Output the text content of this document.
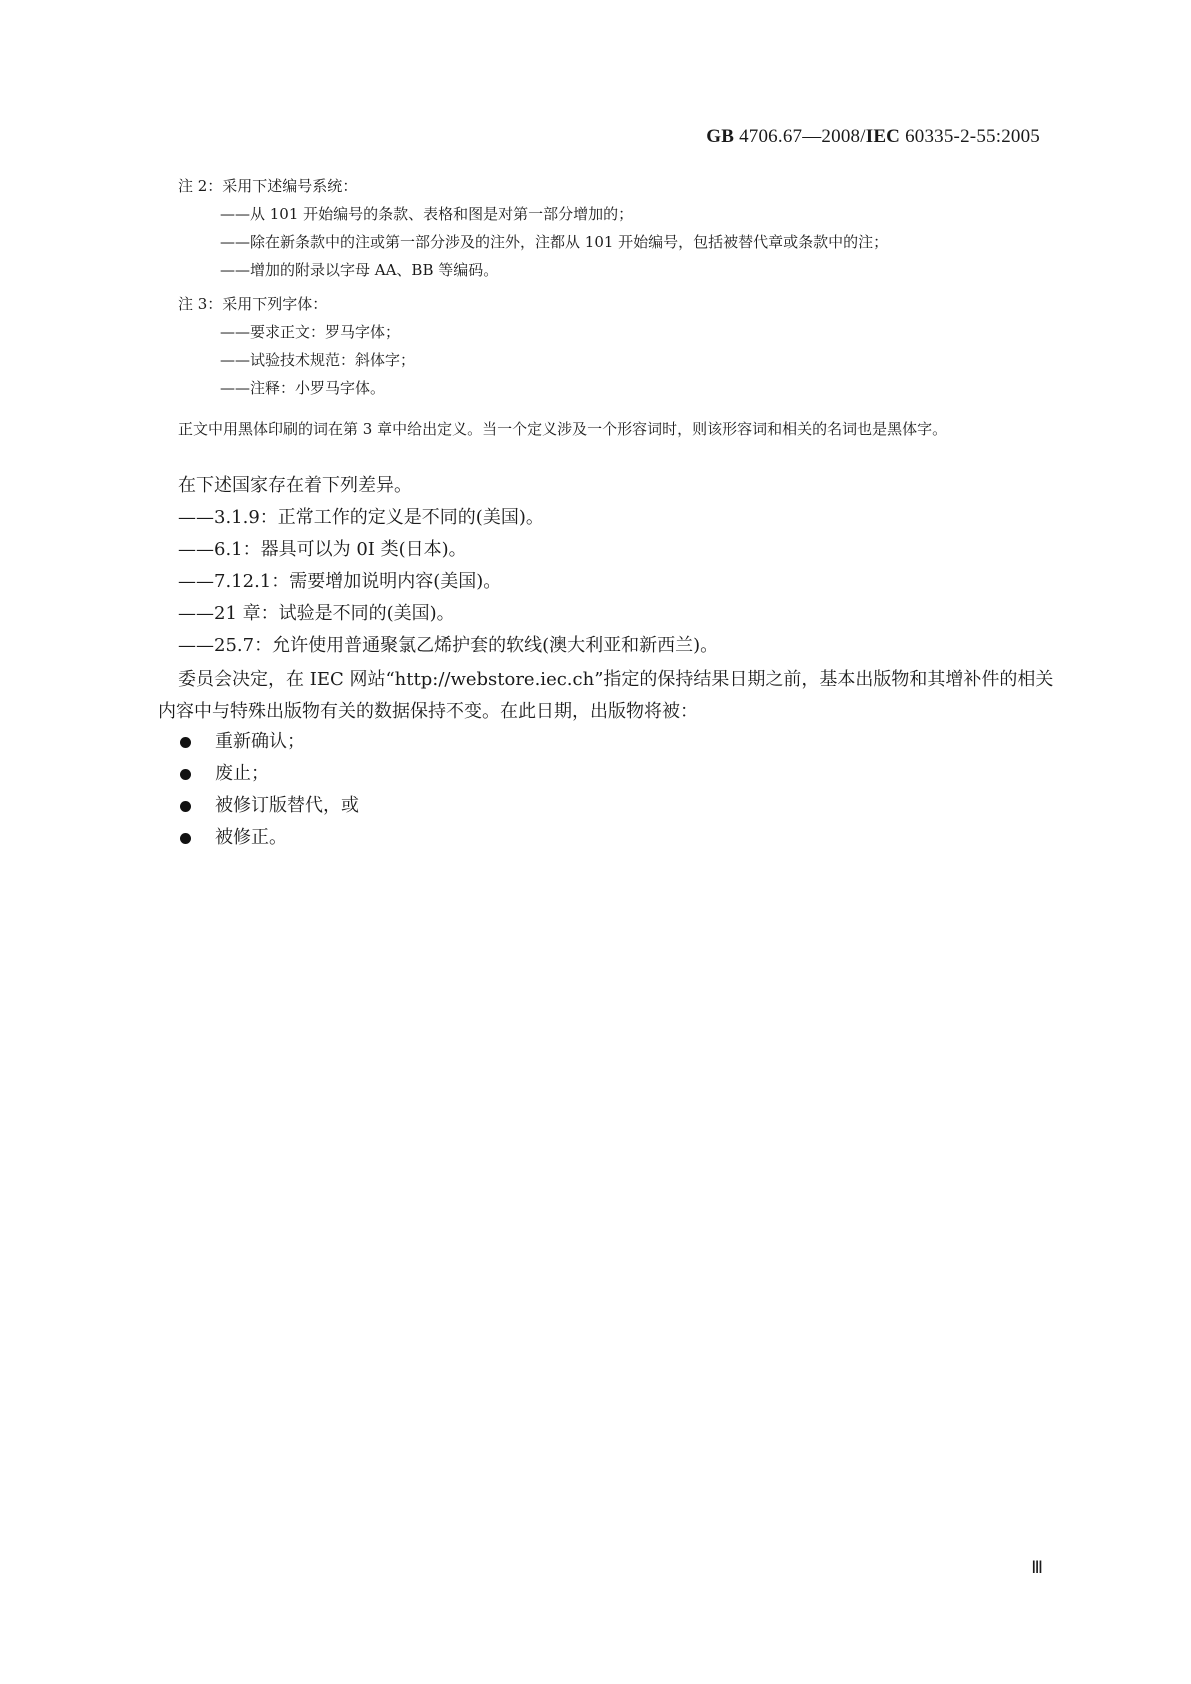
GB 4706.67—2008/IEC 60335-2-55:2005
注 2：采用下述编号系统：
——从 101 开始编号的条款、表格和图是对第一部分增加的；
——除在新条款中的注或第一部分涉及的注外，注都从 101 开始编号，包括被替代章或条款中的注；
——增加的附录以字母 AA、BB 等编码。
注 3：采用下列字体：
——要求正文：罗马字体；
——试验技术规范：斜体字；
——注释：小罗马字体。
正文中用黑体印刷的词在第 3 章中给出定义。当一个定义涉及一个形容词时，则该形容词和相关的名词也是黑体字。
在下述国家存在着下列差异。
——3.1.9：正常工作的定义是不同的(美国)。
——6.1：器具可以为 0I 类(日本)。
——7.12.1：需要增加说明内容(美国)。
——21 章：试验是不同的(美国)。
——25.7：允许使用普通聚氯乙烯护套的软线(澳大利亚和新西兰)。
委员会决定，在 IEC 网站“http://webstore.iec.ch”指定的保持结果日期之前，基本出版物和其增补件的相关内容中与特殊出版物有关的数据保持不变。在此日期，出版物将被：
重新确认；
废止；
被修订版替代，或
被修正。
Ⅲ
